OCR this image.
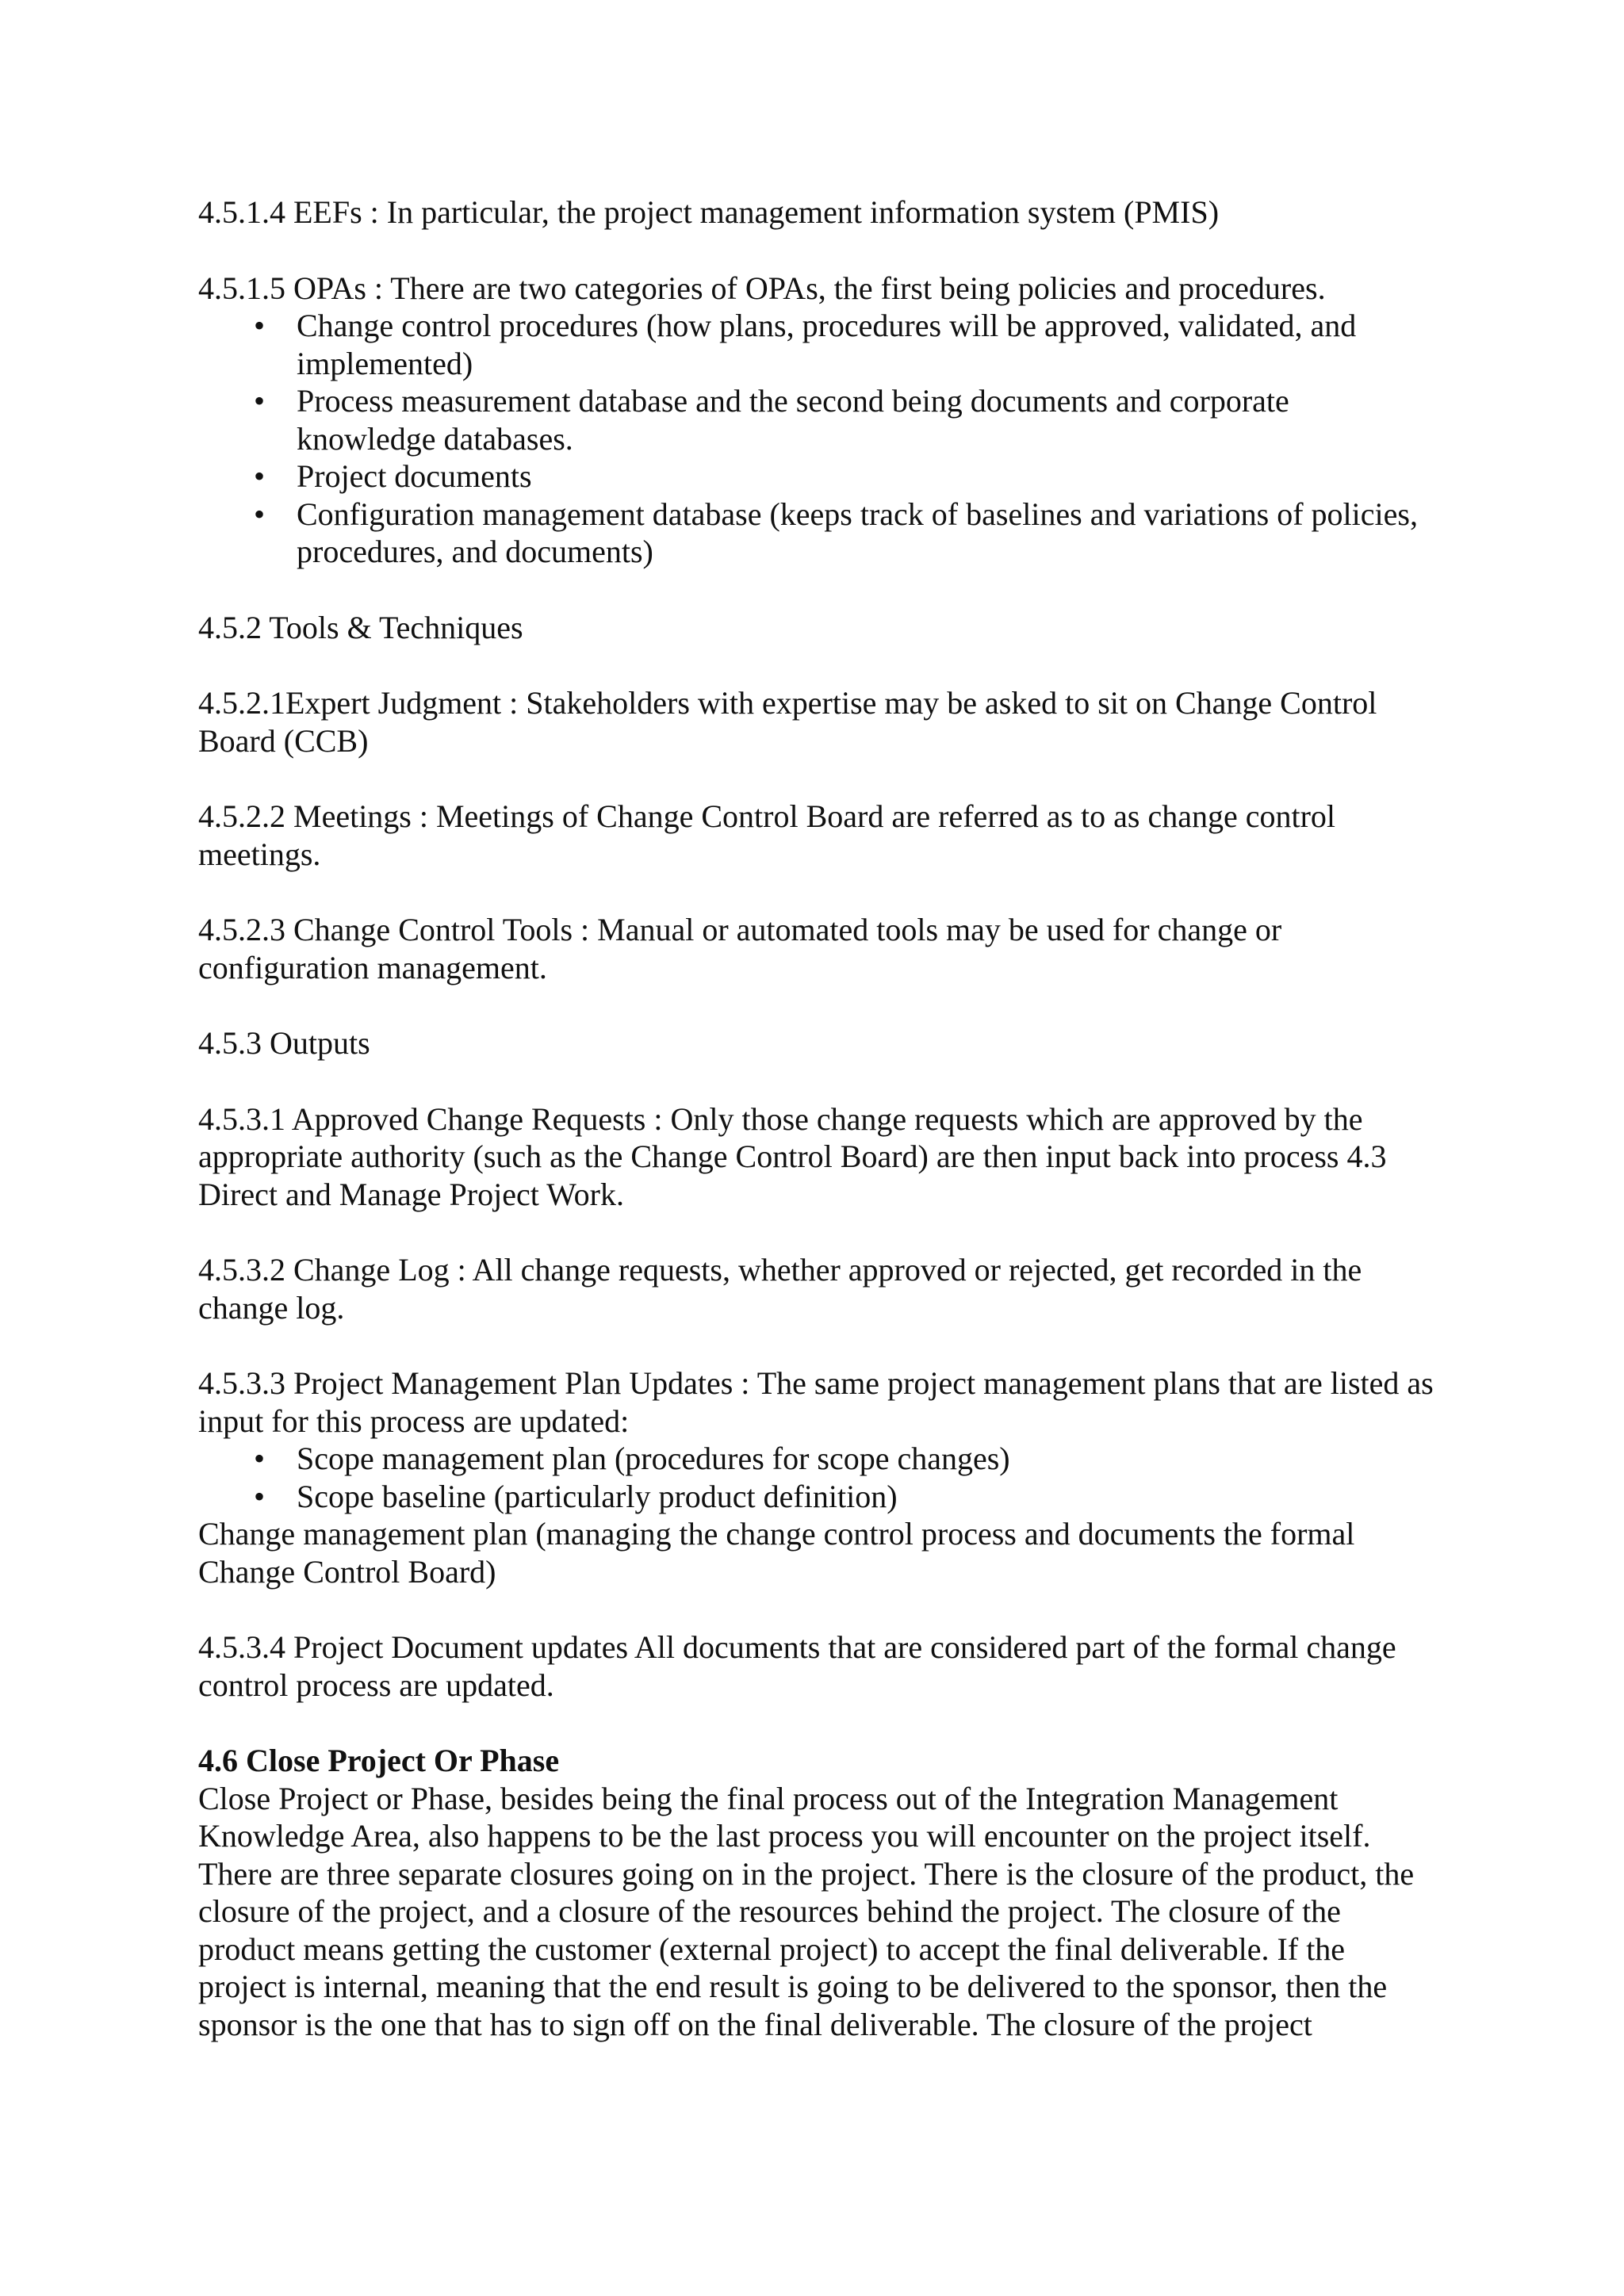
4.5.1.4 EEFs : In particular, the project management information system (PMIS)

4.5.1.5 OPAs : There are two categories of OPAs, the first being policies and procedures.

• Change control procedures (how plans, procedures will be approved, validated, and implemented)
• Process measurement database and the second being documents and corporate knowledge databases.
• Project documents
• Configuration management database (keeps track of baselines and variations of policies, procedures, and documents)

4.5.2 Tools & Techniques

4.5.2.1Expert Judgment : Stakeholders with expertise may be asked to sit on Change Control Board (CCB)

4.5.2.2 Meetings : Meetings of Change Control Board are referred as to as change control meetings.

4.5.2.3 Change Control Tools : Manual or automated tools may be used for change or configuration management.

4.5.3 Outputs

4.5.3.1 Approved Change Requests : Only those change requests which are approved by the appropriate authority (such as the Change Control Board) are then input back into process 4.3 Direct and Manage Project Work.

4.5.3.2 Change Log : All change requests, whether approved or rejected, get recorded in the change log.

4.5.3.3 Project Management Plan Updates : The same project management plans that are listed as input for this process are updated:

• Scope management plan (procedures for scope changes)
• Scope baseline (particularly product definition)

Change management plan (managing the change control process and documents the formal Change Control Board)

4.5.3.4 Project Document updates All documents that are considered part of the formal change control process are updated.

4.6 Close Project Or Phase

Close Project or Phase, besides being the final process out of the Integration Management Knowledge Area, also happens to be the last process you will encounter on the project itself. There are three separate closures going on in the project. There is the closure of the product, the closure of the project, and a closure of the resources behind the project. The closure of the product means getting the customer (external project) to accept the final deliverable. If the project is internal, meaning that the end result is going to be delivered to the sponsor, then the sponsor is the one that has to sign off on the final deliverable. The closure of the project
